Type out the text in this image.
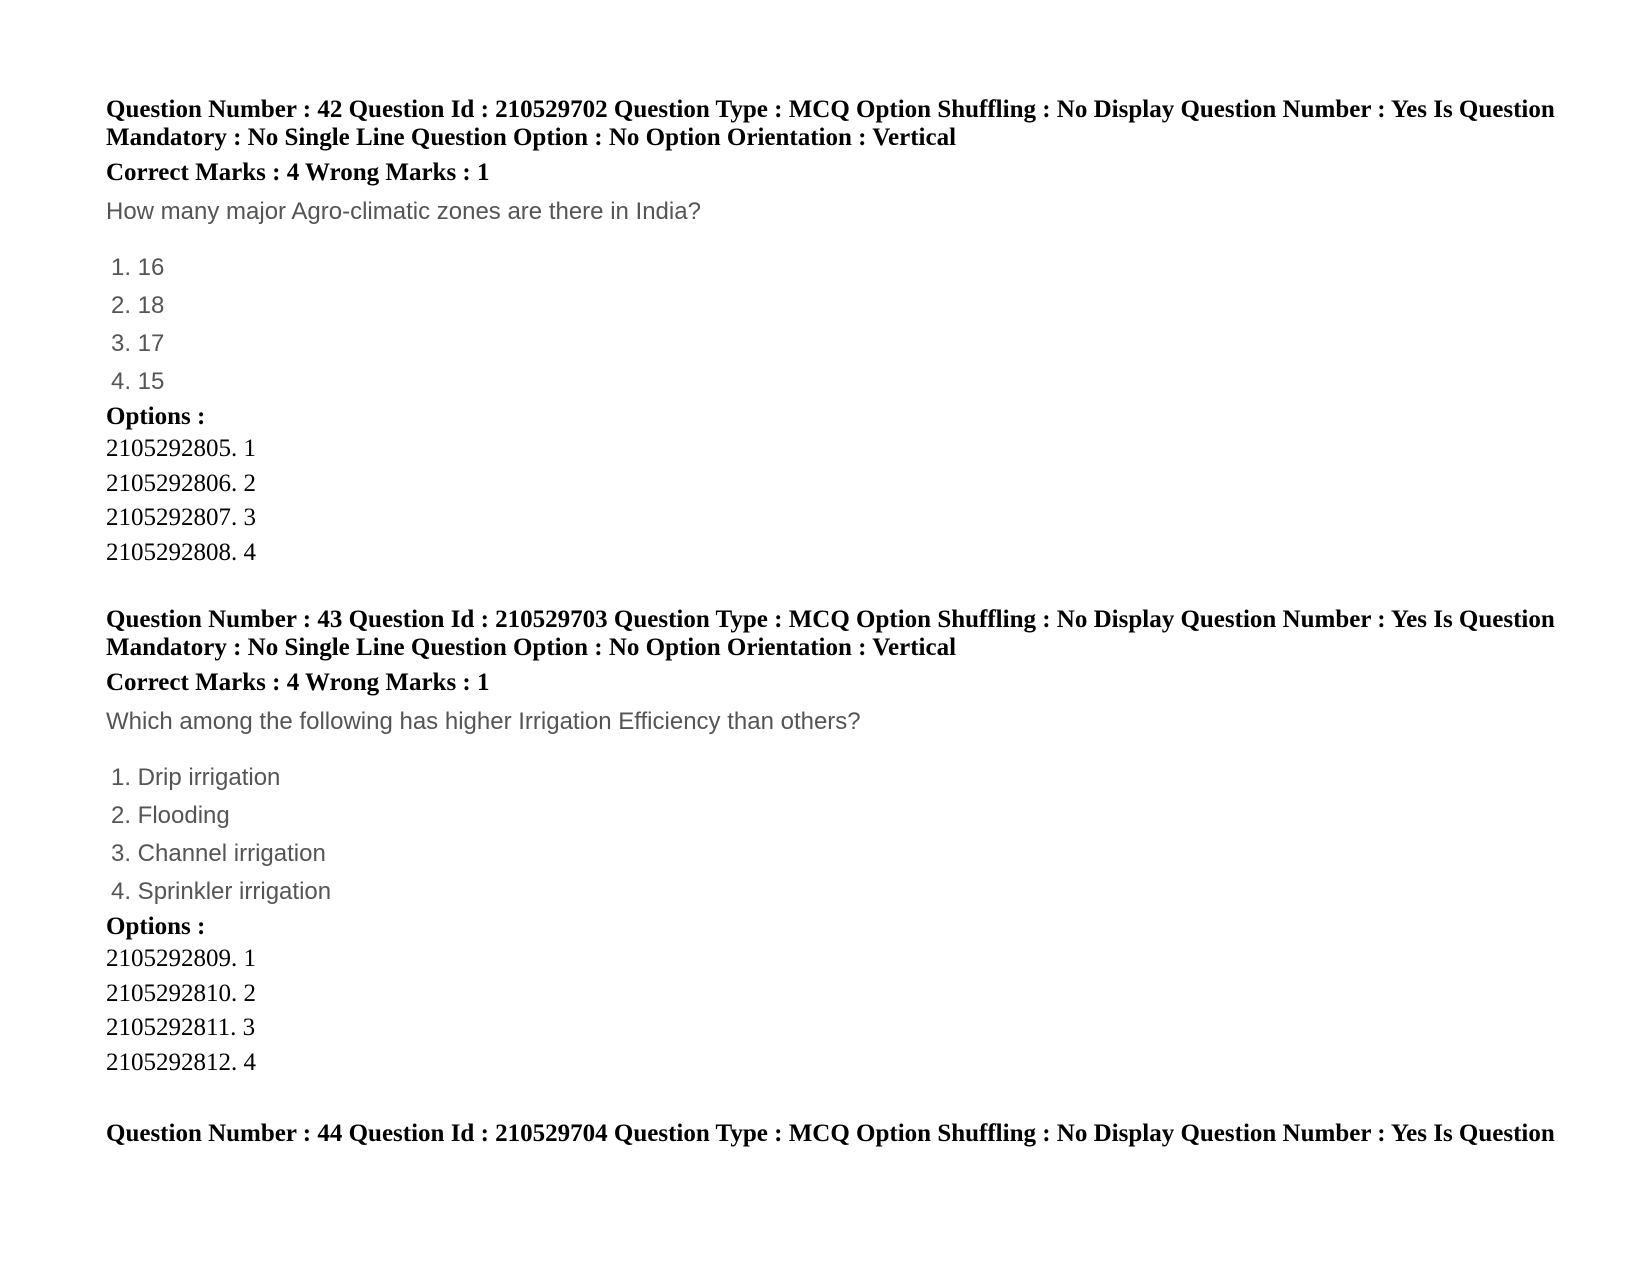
Question Number : 42 Question Id : 210529702 Question Type : MCQ Option Shuffling : No Display Question Number : Yes Is Question Mandatory : No Single Line Question Option : No Option Orientation : Vertical

Correct Marks : 4 Wrong Marks : 1

How many major Agro-climatic zones are there in India?

1. 16
2. 18
3. 17
4. 15

Options :

2105292805. 1
2105292806. 2
2105292807. 3
2105292808. 4

Question Number : 43 Question Id : 210529703 Question Type : MCQ Option Shuffling : No Display Question Number : Yes Is Question Mandatory : No Single Line Question Option : No Option Orientation : Vertical

Correct Marks : 4 Wrong Marks : 1

Which among the following has higher Irrigation Efficiency than others?

1. Drip irrigation
2. Flooding
3. Channel irrigation
4. Sprinkler irrigation

Options :

2105292809. 1
2105292810. 2
2105292811. 3
2105292812. 4

Question Number : 44 Question Id : 210529704 Question Type : MCQ Option Shuffling : No Display Question Number : Yes Is Question
